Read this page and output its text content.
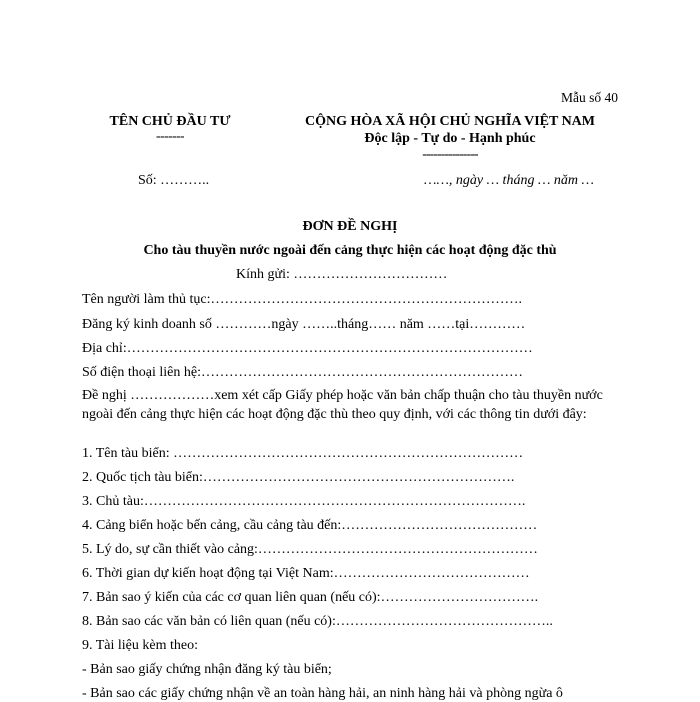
Mẫu số 40
TÊN CHỦ ĐẦU TƯ
-------
CỘNG HÒA XÃ HỘI CHỦ NGHĨA VIỆT NAM
Độc lập - Tự do - Hạnh phúc
---------------
Số: ………..	……, ngày … tháng … năm …
ĐƠN ĐỀ NGHỊ
Cho tàu thuyền nước ngoài đến cảng thực hiện các hoạt động đặc thù
Kính gửi: ……………………………
Tên người làm thủ tục:………………………………………………………….
Đăng ký kinh doanh số …………ngày ……..tháng…… năm ……tại…………
Địa chỉ:……………………………………………………………………………
Số điện thoại liên hệ:……………………………………………………………
Đề nghị ………………xem xét cấp Giấy phép hoặc văn bản chấp thuận cho tàu thuyền nước ngoài đến cảng thực hiện các hoạt động đặc thù theo quy định, với các thông tin dưới đây:
1. Tên tàu biển: …………………………………………………………………
2. Quốc tịch tàu biển:………………………………………………………….
3. Chủ tàu:……………………………………………………………………….
4. Cảng biển hoặc bến cảng, cầu cảng tàu đến:……………………………………
5. Lý do, sự cần thiết vào cảng:……………………………………………………
6. Thời gian dự kiến hoạt động tại Việt Nam:……………………………………
7. Bản sao ý kiến của các cơ quan liên quan (nếu có):…………………………….
8. Bản sao các văn bản có liên quan (nếu có):………………………………………..
9. Tài liệu kèm theo:
- Bản sao giấy chứng nhận đăng ký tàu biển;
- Bản sao các giấy chứng nhận về an toàn hàng hải, an ninh hàng hải và phòng ngừa ô
